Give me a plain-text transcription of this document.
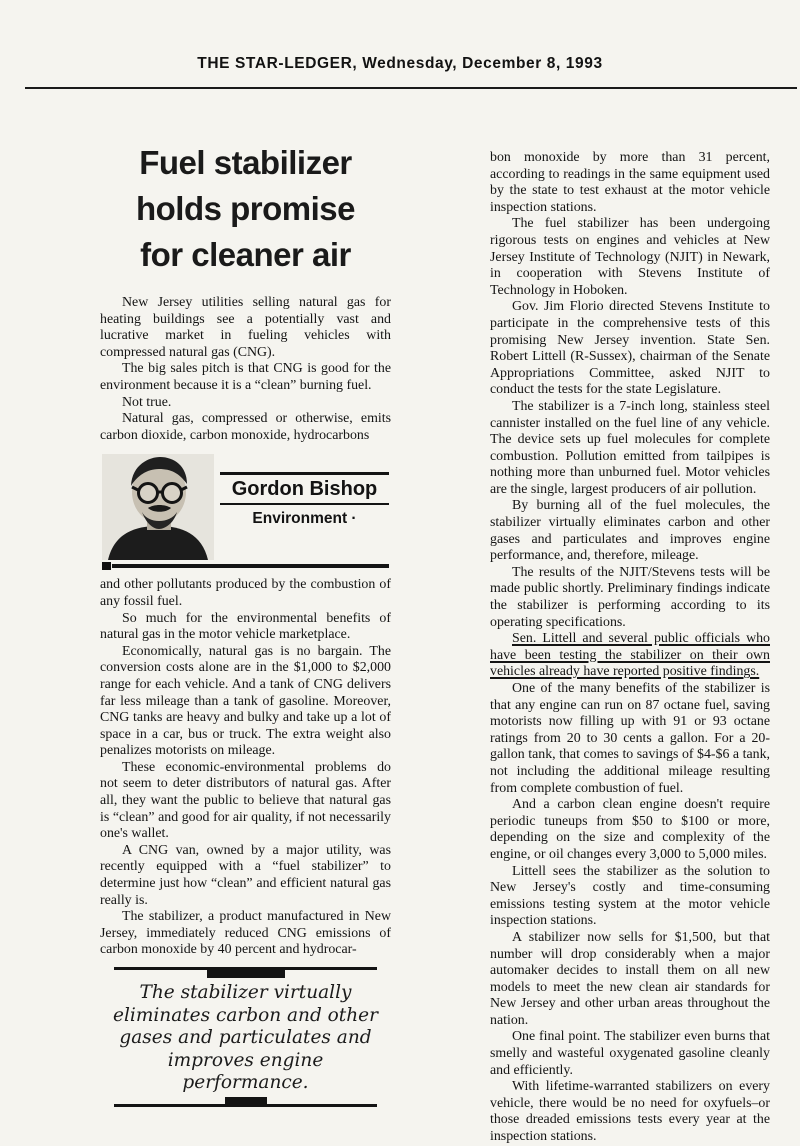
THE STAR-LEDGER, Wednesday, December 8, 1993
Fuel stabilizer
holds promise
for cleaner air

New Jersey utilities selling natural gas for heating buildings see a potentially vast and lucrative market in fueling vehicles with compressed natural gas (CNG).

The big sales pitch is that CNG is good for the environment because it is a “clean” burning fuel.

Not true.

Natural gas, compressed or otherwise, emits carbon dioxide, carbon monoxide, hydrocarbons

Gordon Bishop
Environment ·

and other pollutants produced by the combustion of any fossil fuel.

So much for the environmental benefits of natural gas in the motor vehicle marketplace.

Economically, natural gas is no bargain. The conversion costs alone are in the $1,000 to $2,000 range for each vehicle. And a tank of CNG delivers far less mileage than a tank of gasoline. Moreover, CNG tanks are heavy and bulky and take up a lot of space in a car, bus or truck. The extra weight also penalizes motorists on mileage.

These economic-environmental problems do not seem to deter distributors of natural gas. After all, they want the public to believe that natural gas is “clean” and good for air quality, if not necessarily one's wallet.

A CNG van, owned by a major utility, was recently equipped with a “fuel stabilizer” to determine just how “clean” and efficient natural gas really is.

The stabilizer, a product manufactured in New Jersey, immediately reduced CNG emissions of carbon monoxide by 40 percent and hydrocar-

The stabilizer virtually
eliminates carbon and other
gases and particulates and
improves engine
performance.

bon monoxide by more than 31 percent, according to readings in the same equipment used by the state to test exhaust at the motor vehicle inspection stations.

The fuel stabilizer has been undergoing rigorous tests on engines and vehicles at New Jersey Institute of Technology (NJIT) in Newark, in cooperation with Stevens Institute of Technology in Hoboken.

Gov. Jim Florio directed Stevens Institute to participate in the comprehensive tests of this promising New Jersey invention. State Sen. Robert Littell (R-Sussex), chairman of the Senate Appropriations Committee, asked NJIT to conduct the tests for the state Legislature.

The stabilizer is a 7-inch long, stainless steel cannister installed on the fuel line of any vehicle. The device sets up fuel molecules for complete combustion. Pollution emitted from tailpipes is nothing more than unburned fuel. Motor vehicles are the single, largest producers of air pollution.

By burning all of the fuel molecules, the stabilizer virtually eliminates carbon and other gases and particulates and improves engine performance, and, therefore, mileage.

The results of the NJIT/Stevens tests will be made public shortly. Preliminary findings indicate the stabilizer is performing according to its operating specifications.

Sen. Littell and several public officials who have been testing the stabilizer on their own vehicles already have reported positive findings.

One of the many benefits of the stabilizer is that any engine can run on 87 octane fuel, saving motorists now filling up with 91 or 93 octane ratings from 20 to 30 cents a gallon. For a 20-gallon tank, that comes to savings of $4-$6 a tank, not including the additional mileage resulting from complete combustion of fuel.

And a carbon clean engine doesn't require periodic tuneups from $50 to $100 or more, depending on the size and complexity of the engine, or oil changes every 3,000 to 5,000 miles.

Littell sees the stabilizer as the solution to New Jersey's costly and time-consuming emissions testing system at the motor vehicle inspection stations.

A stabilizer now sells for $1,500, but that number will drop considerably when a major automaker decides to install them on all new models to meet the new clean air standards for New Jersey and other urban areas throughout the nation.

One final point. The stabilizer even burns that smelly and wasteful oxygenated gasoline cleanly and efficiently.

With lifetime-warranted stabilizers on every vehicle, there would be no need for oxyfuels–or those dreaded emissions tests every year at the inspection stations.
